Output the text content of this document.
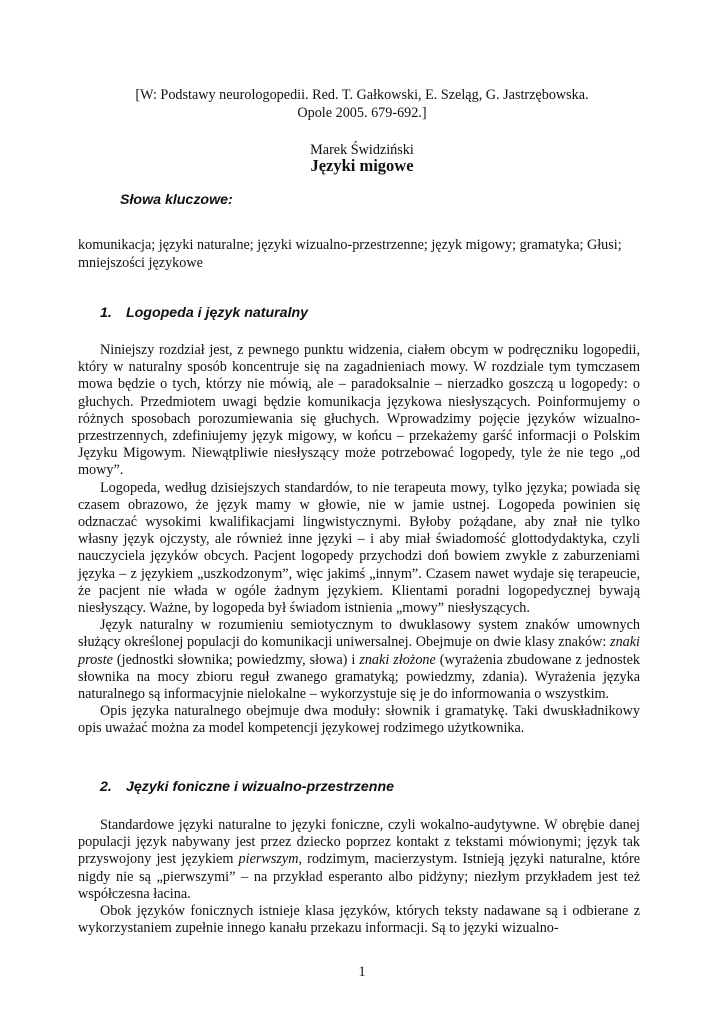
[W: Podstawy neurologopedii. Red. T. Gałkowski, E. Szeląg, G. Jastrzębowska.
Opole 2005. 679-692.]
Marek Świdziński
Języki migowe
Słowa kluczowe:
komunikacja; języki naturalne; języki wizualno-przestrzenne; język migowy; gramatyka; Głusi; mniejszości językowe
1. Logopeda i język naturalny

Niniejszy rozdział jest, z pewnego punktu widzenia, ciałem obcym w podręczniku logopedii, który w naturalny sposób koncentruje się na zagadnieniach mowy. W rozdziale tym tymczasem mowa będzie o tych, którzy nie mówią, ale – paradoksalnie – nierzadko goszczą u logopedy: o głuchych. Przedmiotem uwagi będzie komunikacja językowa niesłyszących. Poinformujemy o różnych sposobach porozumiewania się głuchych. Wprowadzimy pojęcie języków wizualno-przestrzennych, zdefiniujemy język migowy, w końcu – przekażemy garść informacji o Polskim Języku Migowym. Niewątpliwie niesłyszący może potrzebować logopedy, tyle że nie tego „od mowy”.

Logopeda, według dzisiejszych standardów, to nie terapeuta mowy, tylko języka; powiada się czasem obrazowo, że język mamy w głowie, nie w jamie ustnej. Logopeda powinien się odznaczać wysokimi kwalifikacjami lingwistycznymi. Byłoby pożądane, aby znał nie tylko własny język ojczysty, ale również inne języki – i aby miał świadomość glottodydaktyka, czyli nauczyciela języków obcych. Pacjent logopedy przychodzi doń bowiem zwykle z zaburzeniami języka – z językiem „uszkodzonym”, więc jakimś „innym”. Czasem nawet wydaje się terapeucie, że pacjent nie włada w ogóle żadnym językiem. Klientami poradni logopedycznej bywają niesłyszący. Ważne, by logopeda był świadom istnienia „mowy” niesłyszących.

Język naturalny w rozumieniu semiotycznym to dwuklasowy system znaków umownych służący określonej populacji do komunikacji uniwersalnej. Obejmuje on dwie klasy znaków: znaki proste (jednostki słownika; powiedzmy, słowa) i znaki złożone (wyrażenia zbudowane z jednostek słownika na mocy zbioru reguł zwanego gramatyką; powiedzmy, zdania). Wyrażenia języka naturalnego są informacyjnie nielokalne – wykorzystuje się je do informowania o wszystkim.

Opis języka naturalnego obejmuje dwa moduły: słownik i gramatykę. Taki dwuskładnikowy opis uważać można za model kompetencji językowej rodzimego użytkownika.

2. Języki foniczne i wizualno-przestrzenne

Standardowe języki naturalne to języki foniczne, czyli wokalno-audytywne. W obrębie danej populacji język nabywany jest przez dziecko poprzez kontakt z tekstami mówionymi; język tak przyswojony jest językiem pierwszym, rodzimym, macierzystym. Istnieją języki naturalne, które nigdy nie są „pierwszymi” – na przykład esperanto albo pidżyny; niezłym przykładem jest też współczesna łacina.

Obok języków fonicznych istnieje klasa języków, których teksty nadawane są i odbierane z wykorzystaniem zupełnie innego kanału przekazu informacji. Są to języki wizualno-

1
